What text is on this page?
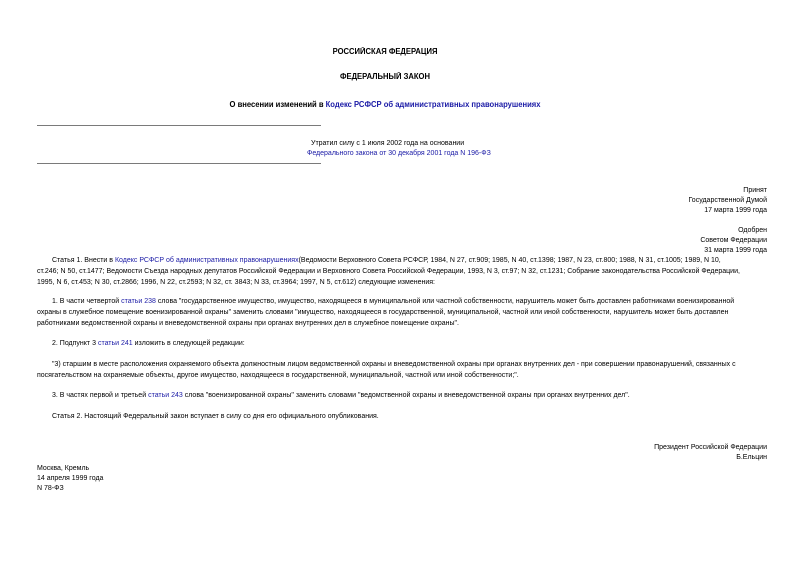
РОССИЙСКАЯ ФЕДЕРАЦИЯ
ФЕДЕРАЛЬНЫЙ ЗАКОН
О внесении изменений в Кодекс РСФСР об административных правонарушениях
Утратил силу с 1 июля 2002 года на основании
Федерального закона от 30 декабря 2001 года N 196-ФЗ
Принят
Государственной Думой
17 марта 1999 года
Одобрен
Советом Федерации
31 марта 1999 года
Статья 1. Внести в Кодекс РСФСР об административных правонарушениях(Ведомости Верховного Совета РСФСР, 1984, N 27, ст.909; 1985, N 40, ст.1398; 1987, N 23, ст.800; 1988, N 31, ст.1005; 1989, N 10,
ст.246; N 50, ст.1477; Ведомости Съезда народных депутатов Российской Федерации и Верховного Совета Российской Федерации, 1993, N 3, ст.97; N 32, ст.1231; Собрание законодательства Российской Федерации,
1995, N 6, ст.453; N 30, ст.2866; 1996, N 22, ст.2593; N 32, ст. 3843; N 33, ст.3964; 1997, N 5, ст.612) следующие изменения:
1. В части четвертой статьи 238 слова "государственное имущество, имущество, находящееся в муниципальной или частной собственности, нарушитель может быть доставлен работниками военизированной
охраны в служебное помещение военизированной охраны" заменить словами "имущество, находящееся в государственной, муниципальной, частной или иной собственности, нарушитель может быть доставлен
работниками ведомственной охраны и вневедомственной охраны при органах внутренних дел в служебное помещение охраны".
2. Подпункт 3 статьи 241 изложить в следующей редакции:
"3) старшим в месте расположения охраняемого объекта должностным лицом ведомственной охраны и вневедомственной охраны при органах внутренних дел - при совершении правонарушений, связанных с
посягательством на охраняемые объекты, другое имущество, находящееся в государственной, муниципальной, частной или иной собственности;".
3. В частях первой и третьей статьи 243 слова "военизированной охраны" заменить словами "ведомственной охраны и вневедомственной охраны при органах внутренних дел".
Статья 2. Настоящий Федеральный закон вступает в силу со дня его официального опубликования.
Президент Российской Федерации
Б.Ельцин
Москва, Кремль
14 апреля 1999 года
N 78-ФЗ
